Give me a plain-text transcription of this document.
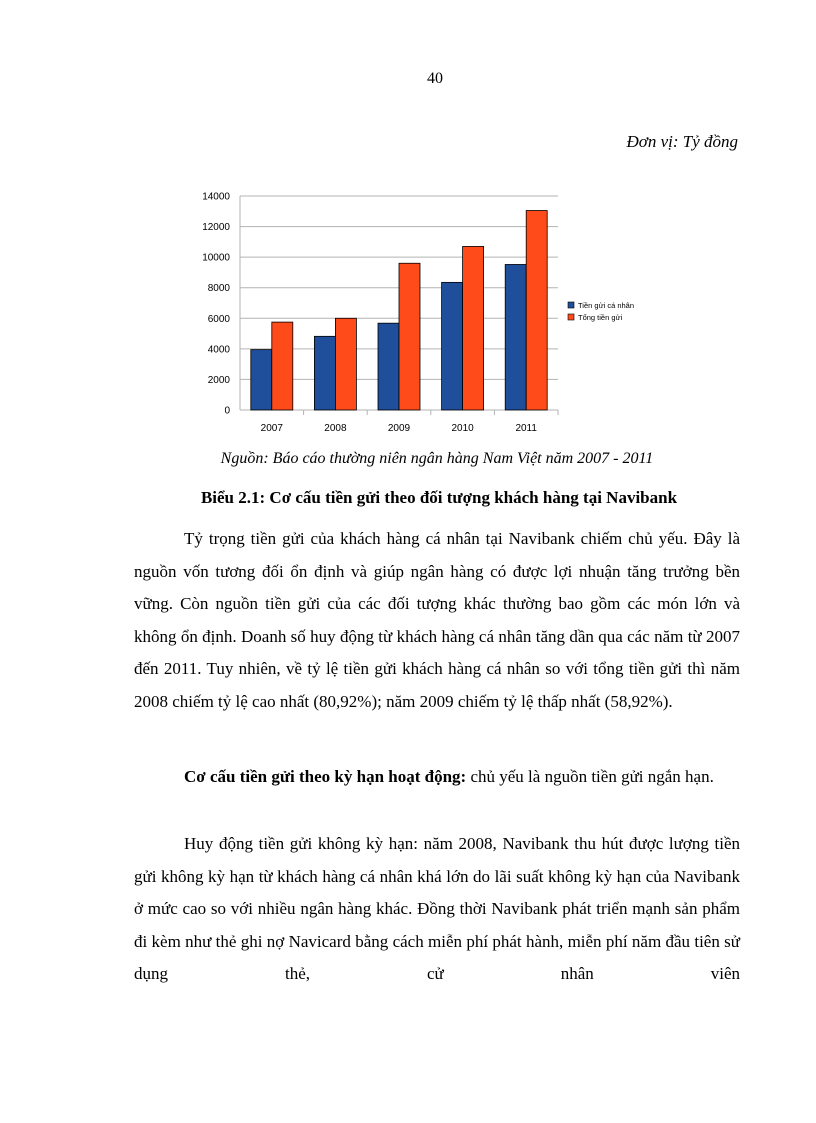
40
Đơn vị: Tỷ đồng
0
2000
4000
6000
8000
10000
12000
14000
2007	2008	2009	2010	2011
Tiền gửi cá nhân
Tổng tiền gửi
Nguồn: Báo cáo thường niên ngân hàng Nam Việt năm 2007 - 2011
Biểu 2.1: Cơ cấu tiền gửi theo đối tượng khách hàng tại Navibank

Tỷ trọng tiền gửi của khách hàng cá nhân tại Navibank chiếm chủ yếu. Đây là nguồn vốn tương đối ổn định và giúp ngân hàng có được lợi nhuận tăng trưởng bền vững. Còn nguồn tiền gửi của các đối tượng khác thường bao gồm các món lớn và không ổn định. Doanh số huy động từ khách hàng cá nhân tăng dần qua các năm từ 2007 đến 2011. Tuy nhiên, về tỷ lệ tiền gửi khách hàng cá nhân so với tổng tiền gửi thì năm 2008 chiếm tỷ lệ cao nhất (80,92%); năm 2009 chiếm tỷ lệ thấp nhất (58,92%).

Cơ cấu tiền gửi theo kỳ hạn hoạt động: chủ yếu là nguồn tiền gửi ngắn hạn.

Huy động tiền gửi không kỳ hạn: năm 2008, Navibank thu hút được lượng tiền gửi không kỳ hạn từ khách hàng cá nhân khá lớn do lãi suất không kỳ hạn của Navibank ở mức cao so với nhiều ngân hàng khác. Đồng thời Navibank phát triển mạnh sản phẩm đi kèm như thẻ ghi nợ Navicard bằng cách miễn phí phát hành, miễn phí năm đầu tiên sử dụng thẻ, cử nhân viên
